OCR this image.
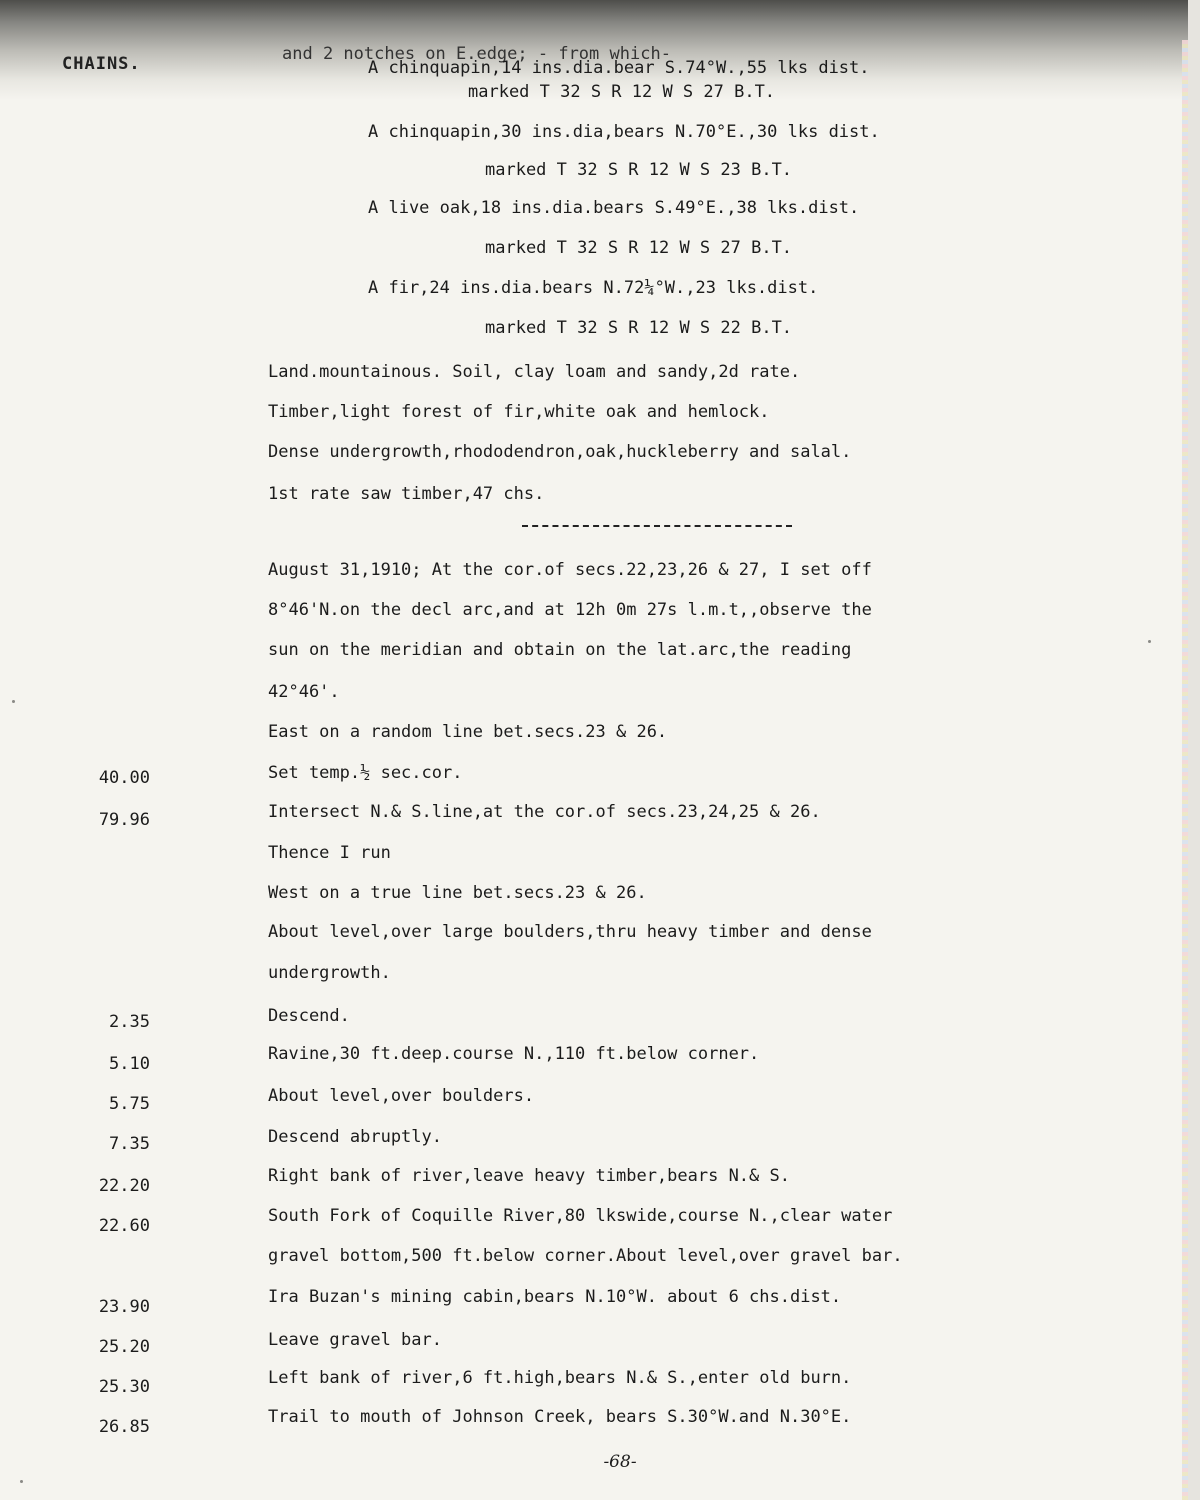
CHAINS.	and 2 notches on E.edge; - from which-
A chinquapin,14 ins.dia.bear S.74°W.,55 lks dist.
marked T 32 S R 12 W S 27 B.T.
A chinquapin,30 ins.dia,bears N.70°E.,30 lks dist.
marked T 32 S R 12 W S 23 B.T.
A live oak,18 ins.dia.bears S.49°E.,38 lks.dist.
marked T 32 S R 12 W S 27 B.T.
A fir,24 ins.dia.bears N.72¼°W.,23 lks.dist.
marked T 32 S R 12 W S 22 B.T.
Land.mountainous. Soil, clay loam and sandy,2d rate.
Timber,light forest of fir,white oak and hemlock.
Dense undergrowth,rhododendron,oak,huckleberry and salal.
1st rate saw timber,47 chs.
August 31,1910; At the cor.of secs.22,23,26 & 27, I set off
8°46'N.on the decl arc,and at 12h 0m 27s l.m.t,,observe the
sun on the meridian and obtain on the lat.arc,the reading
42°46'.
East on a random line bet.secs.23 & 26.
40.00	Set temp.½ sec.cor.
79.96	Intersect N.& S.line,at the cor.of secs.23,24,25 & 26.
Thence I run
West on a true line bet.secs.23 & 26.
About level,over large boulders,thru heavy timber and dense
undergrowth.
2.35	Descend.
5.10	Ravine,30 ft.deep.course N.,110 ft.below corner.
5.75	About level,over boulders.
7.35	Descend abruptly.
22.20	Right bank of river,leave heavy timber,bears N.& S.
22.60	South Fork of Coquille River,80 lkswide,course N.,clear water
gravel bottom,500 ft.below corner.About level,over gravel bar.
23.90	Ira Buzan's mining cabin,bears N.10°W. about 6 chs.dist.
25.20	Leave gravel bar.
25.30	Left bank of river,6 ft.high,bears N.& S.,enter old burn.
26.85	Trail to mouth of Johnson Creek, bears S.30°W.and N.30°E.
-68-
